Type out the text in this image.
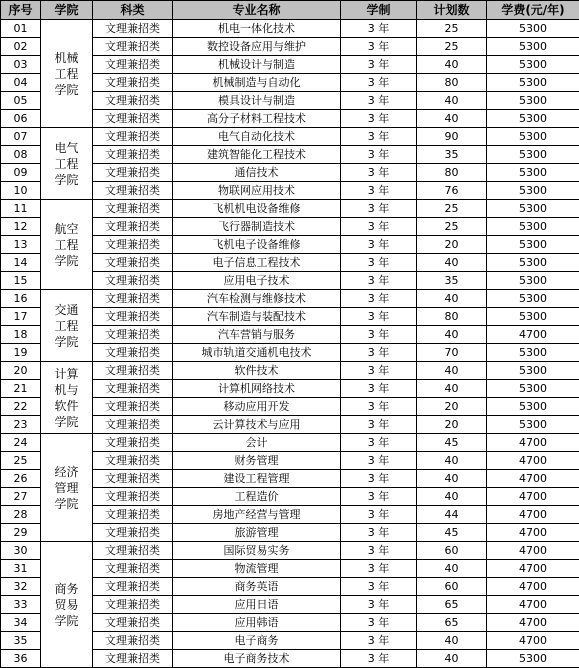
序号	学院	科类	专业名称	学制	计划数	学费(元/年)
01	机械工程学院	文理兼招类	机电一体化技术	3 年	25	5300
02		文理兼招类	数控设备应用与维护	3 年	25	5300
03		文理兼招类	机械设计与制造	3 年	40	5300
04		文理兼招类	机械制造与自动化	3 年	80	5300
05		文理兼招类	模具设计与制造	3 年	40	5300
06		文理兼招类	高分子材料工程技术	3 年	40	5300
07	电气工程学院	文理兼招类	电气自动化技术	3 年	90	5300
08		文理兼招类	建筑智能化工程技术	3 年	35	5300
09		文理兼招类	通信技术	3 年	80	5300
10		文理兼招类	物联网应用技术	3 年	76	5300
11	航空工程学院	文理兼招类	飞机机电设备维修	3 年	25	5300
12		文理兼招类	飞行器制造技术	3 年	25	5300
13		文理兼招类	飞机电子设备维修	3 年	20	5300
14		文理兼招类	电子信息工程技术	3 年	40	5300
15		文理兼招类	应用电子技术	3 年	35	5300
16	交通工程学院	文理兼招类	汽车检测与维修技术	3 年	40	5300
17		文理兼招类	汽车制造与装配技术	3 年	80	5300
18		文理兼招类	汽车营销与服务	3 年	40	4700
19		文理兼招类	城市轨道交通机电技术	3 年	70	5300
20	计算机与软件学院	文理兼招类	软件技术	3 年	40	5300
21		文理兼招类	计算机网络技术	3 年	40	5300
22		文理兼招类	移动应用开发	3 年	20	5300
23		文理兼招类	云计算技术与应用	3 年	20	5300
24	经济管理学院	文理兼招类	会计	3 年	45	4700
25		文理兼招类	财务管理	3 年	40	4700
26		文理兼招类	建设工程管理	3 年	40	4700
27		文理兼招类	工程造价	3 年	40	4700
28		文理兼招类	房地产经营与管理	3 年	44	4700
29		文理兼招类	旅游管理	3 年	45	4700
30	商务贸易学院	文理兼招类	国际贸易实务	3 年	60	4700
31		文理兼招类	物流管理	3 年	40	4700
32		文理兼招类	商务英语	3 年	60	4700
33		文理兼招类	应用日语	3 年	65	4700
34		文理兼招类	应用韩语	3 年	65	4700
35		文理兼招类	电子商务	3 年	40	4700
36		文理兼招类	电子商务技术	3 年	40	5300
